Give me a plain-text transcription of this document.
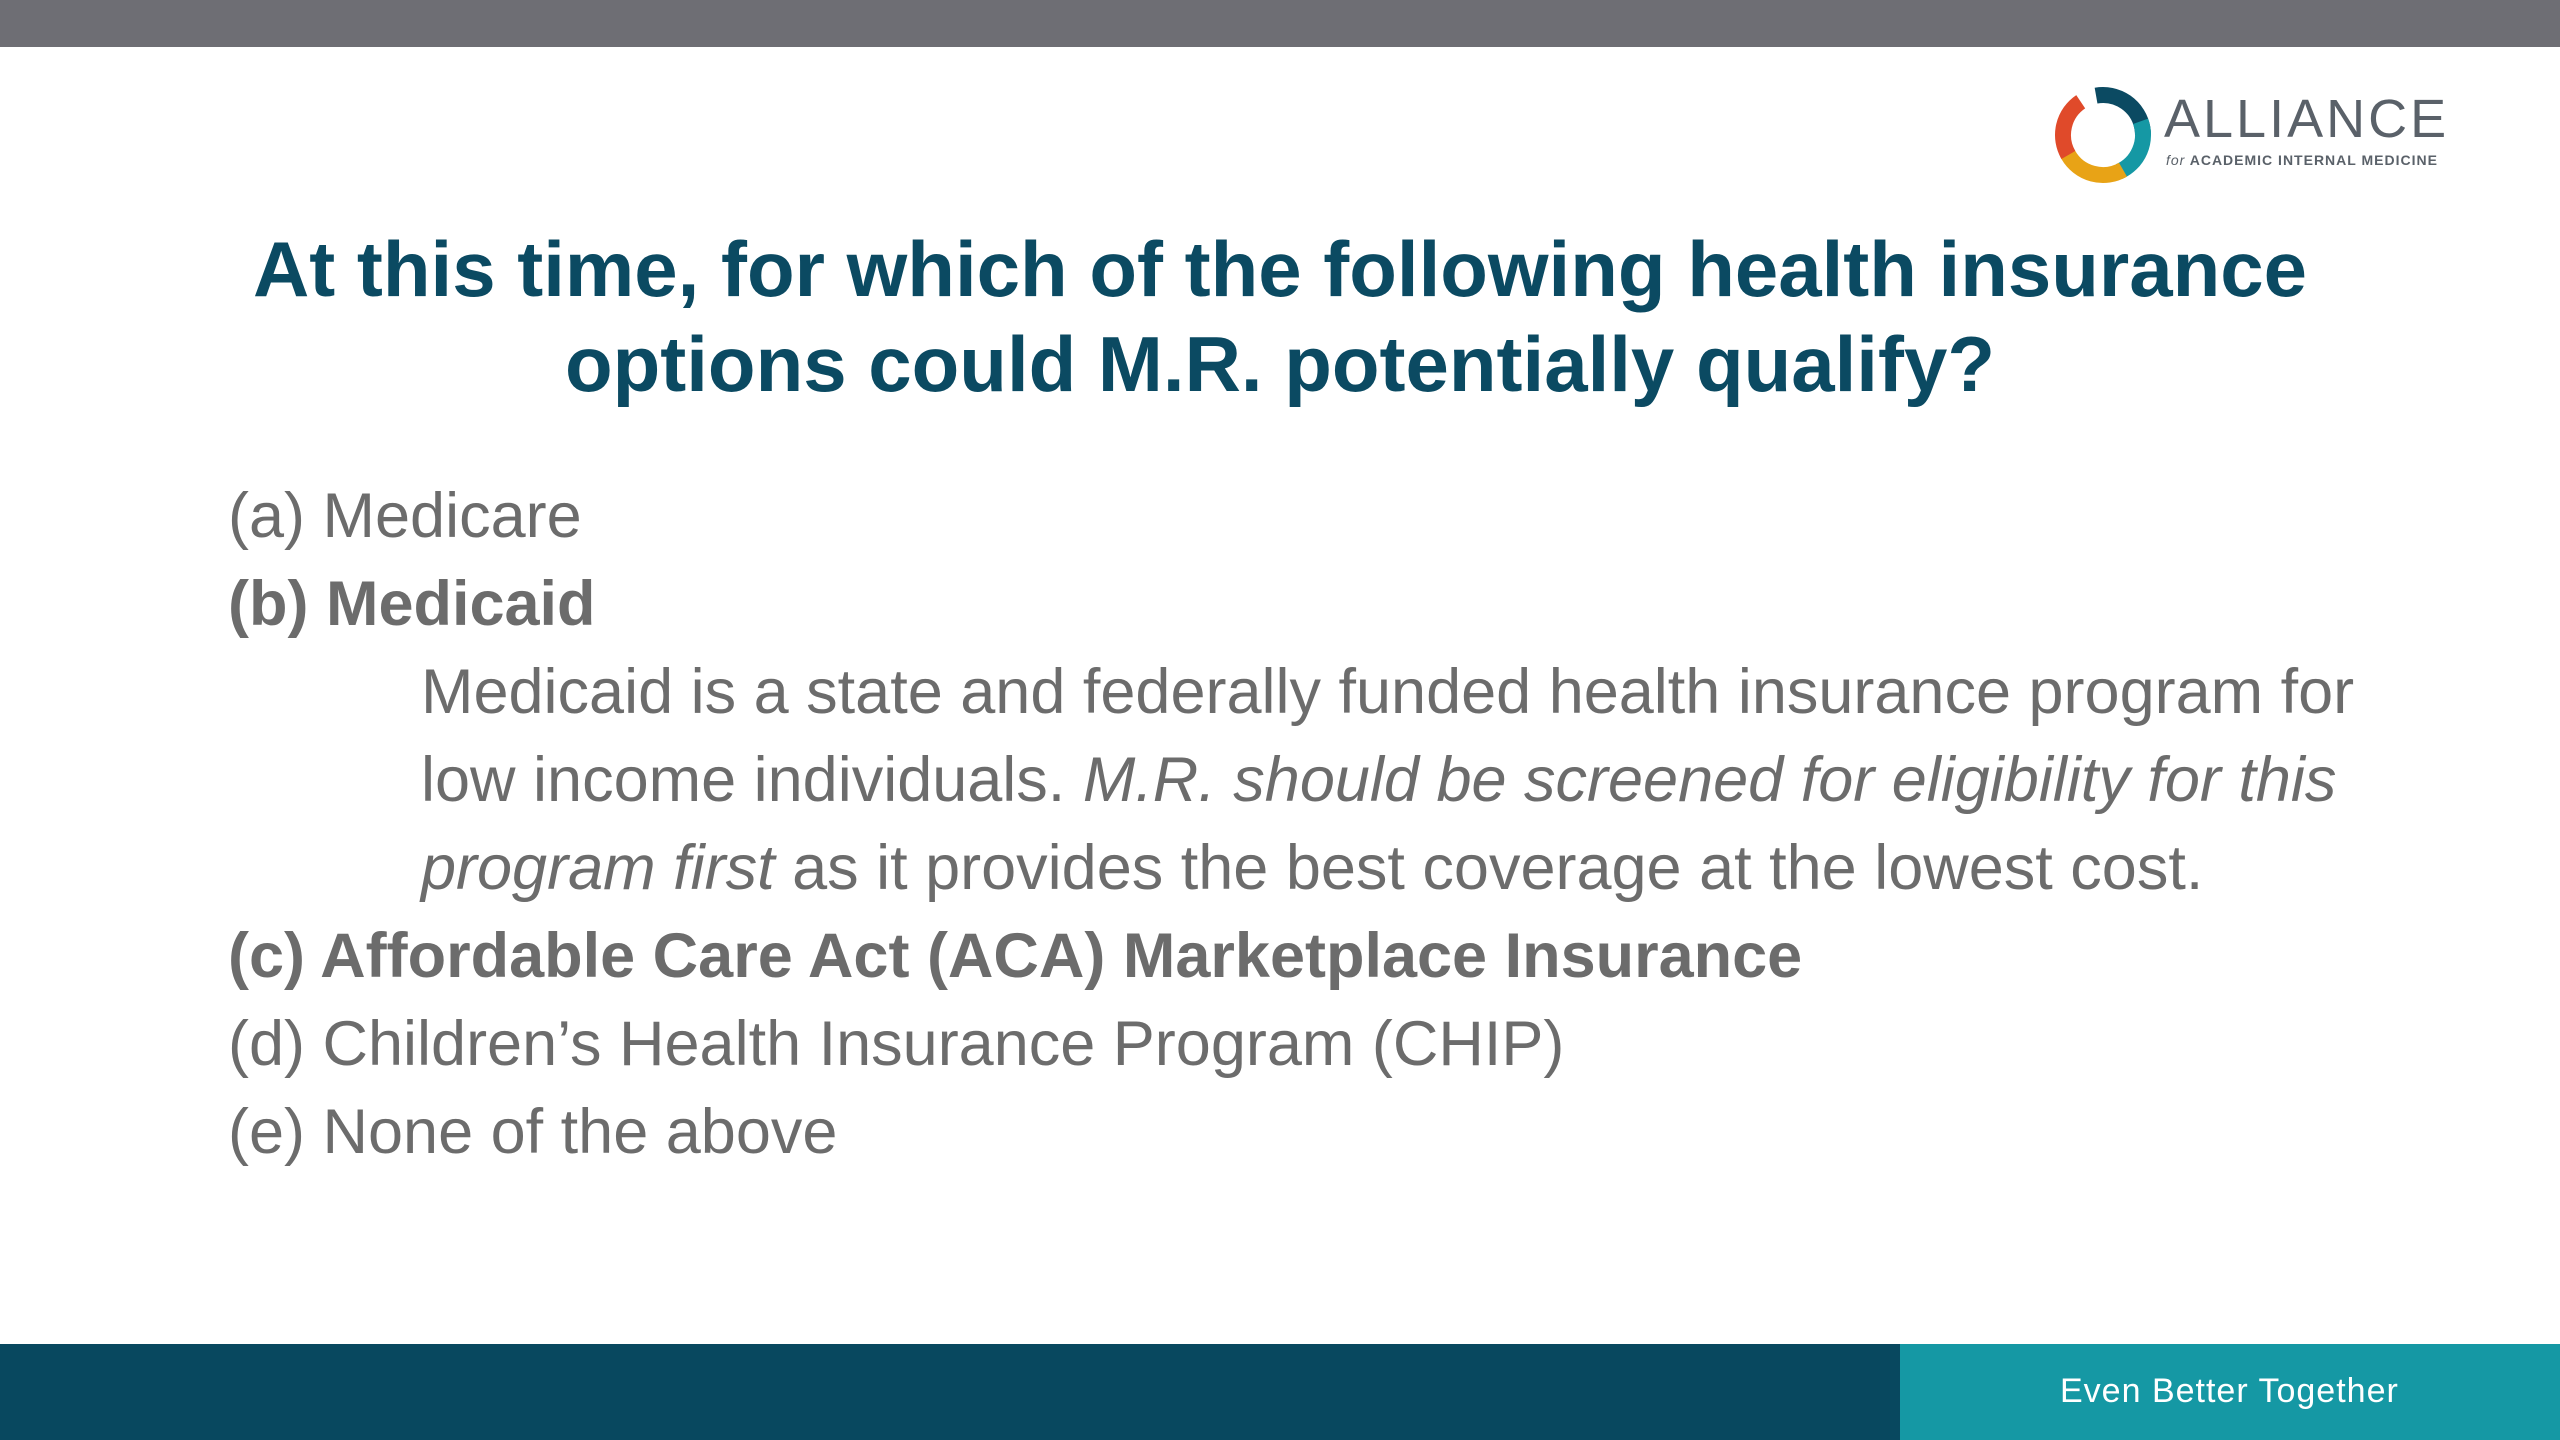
ALLIANCE
for ACADEMIC INTERNAL MEDICINE
At this time, for which of the following health insurance
options could M.R. potentially qualify?
(a) Medicare
(b) Medicaid
Medicaid is a state and federally funded health insurance program for low income individuals. M.R. should be screened for eligibility for this program first as it provides the best coverage at the lowest cost.
(c) Affordable Care Act (ACA) Marketplace Insurance
(d) Children’s Health Insurance Program (CHIP)
(e) None of the above
Even Better Together
